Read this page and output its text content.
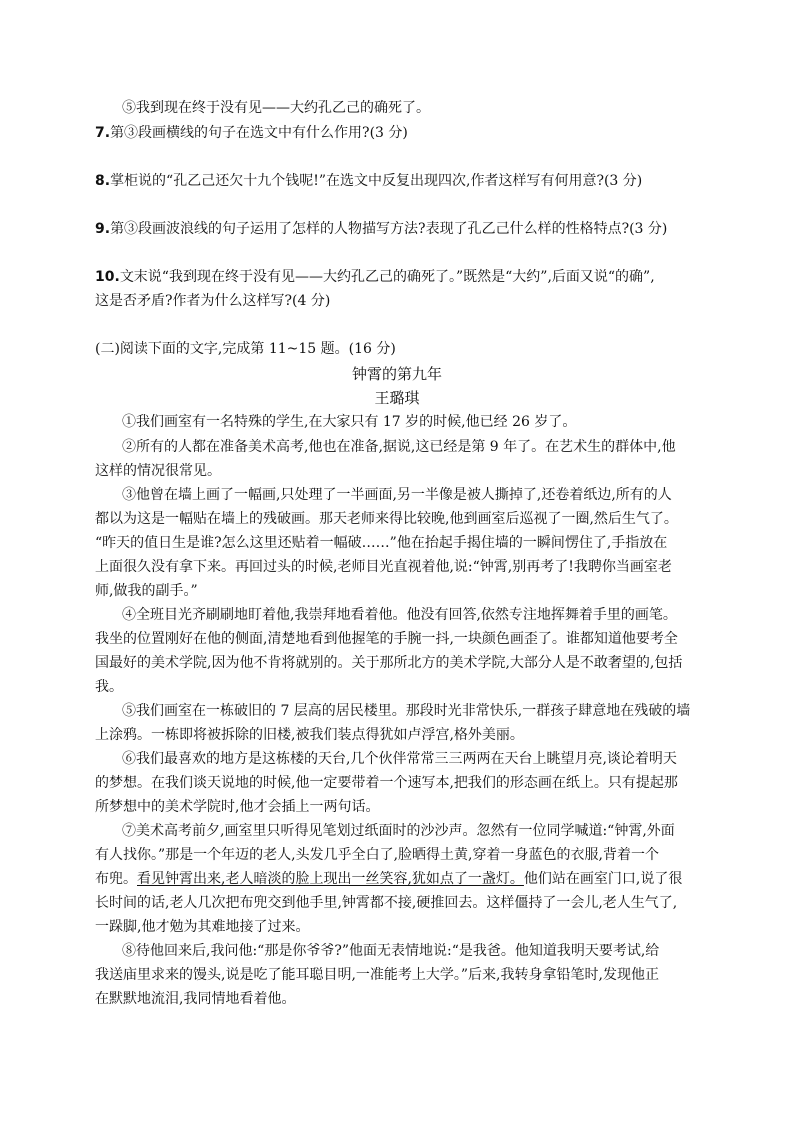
⑤我到现在终于没有见——大约孔乙己的确死了。
7.第③段画横线的句子在选文中有什么作用?(3 分)
8.掌柜说的“孔乙己还欠十九个钱呢!”在选文中反复出现四次,作者这样写有何用意?(3 分)
9.第③段画波浪线的句子运用了怎样的人物描写方法?表现了孔乙己什么样的性格特点?(3 分)
10.文末说“我到现在终于没有见——大约孔乙己的确死了。”既然是“大约”,后面又说“的确”,
这是否矛盾?作者为什么这样写?(4 分)
(二)阅读下面的文字,完成第 11~15 题。(16 分)
钟霄的第九年
王璐琪
①我们画室有一名特殊的学生,在大家只有 17 岁的时候,他已经 26 岁了。
②所有的人都在准备美术高考,他也在准备,据说,这已经是第 9 年了。在艺术生的群体中,他
这样的情况很常见。
③他曾在墙上画了一幅画,只处理了一半画面,另一半像是被人撕掉了,还卷着纸边,所有的人
都以为这是一幅贴在墙上的残破画。那天老师来得比较晚,他到画室后巡视了一圈,然后生气了。
“昨天的值日生是谁?怎么这里还贴着一幅破……”他在抬起手揭住墙的一瞬间愣住了,手指放在
上面很久没有拿下来。再回过头的时候,老师目光直视着他,说:“钟霄,别再考了!我聘你当画室老
师,做我的副手。”
④全班目光齐刷刷地盯着他,我崇拜地看着他。他没有回答,依然专注地挥舞着手里的画笔。
我坐的位置刚好在他的侧面,清楚地看到他握笔的手腕一抖,一块颜色画歪了。谁都知道他要考全
国最好的美术学院,因为他不肯将就别的。关于那所北方的美术学院,大部分人是不敢奢望的,包括
我。
⑤我们画室在一栋破旧的 7 层高的居民楼里。那段时光非常快乐,一群孩子肆意地在残破的墙
上涂鸦。一栋即将被拆除的旧楼,被我们装点得犹如卢浮宫,格外美丽。
⑥我们最喜欢的地方是这栋楼的天台,几个伙伴常常三三两两在天台上眺望月亮,谈论着明天
的梦想。在我们谈天说地的时候,他一定要带着一个速写本,把我们的形态画在纸上。只有提起那
所梦想中的美术学院时,他才会插上一两句话。
⑦美术高考前夕,画室里只听得见笔划过纸面时的沙沙声。忽然有一位同学喊道:“钟霄,外面
有人找你。”那是一个年迈的老人,头发几乎全白了,脸晒得土黄,穿着一身蓝色的衣服,背着一个
布兜。看见钟霄出来,老人暗淡的脸上现出一丝笑容,犹如点了一盏灯。他们站在画室门口,说了很
长时间的话,老人几次把布兜交到他手里,钟霄都不接,硬推回去。这样僵持了一会儿,老人生气了,
一跺脚,他才勉为其难地接了过来。
⑧待他回来后,我问他:“那是你爷爷?”他面无表情地说:“是我爸。他知道我明天要考试,给
我送庙里求来的馒头,说是吃了能耳聪目明,一准能考上大学。”后来,我转身拿铅笔时,发现他正
在默默地流泪,我同情地看着他。
